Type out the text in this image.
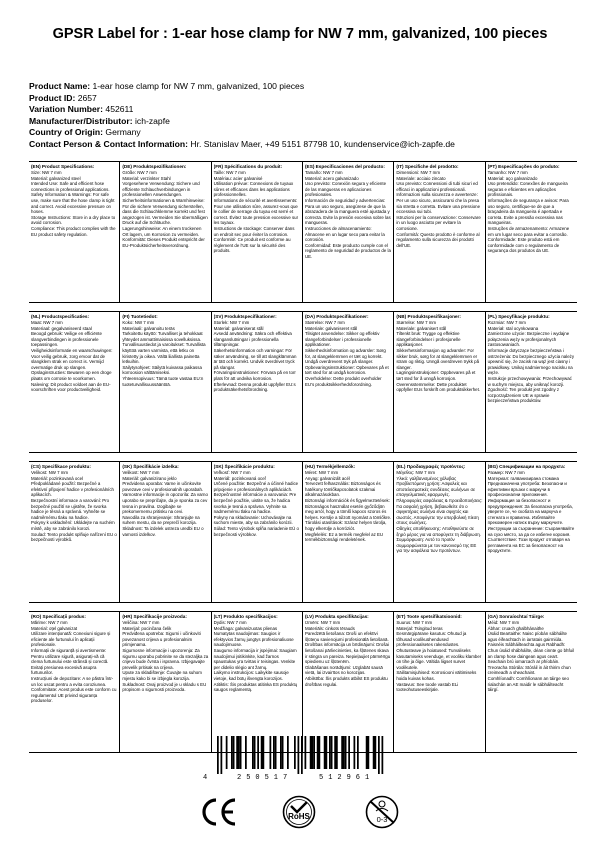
GPSR Label for : 1-ear hose clamp for NW 7 mm, galvanized, 100 pieces
Product Name: 1-ear hose clamp for NW 7 mm, galvanized, 100 pieces
Product ID: 2657
Variation Number: 452611
Manufacturer/Distributor: ich-zapfe
Country of Origin: Germany
Contact Person & Contact Information: Hr. Stanislav Maer, +49 5151 87798 10, kundenservice@ich-zapfe.de
(EN) Product Specifications:
Size: NW 7 mm
Material: galvanized steel
Intended Use: Safe and efficient hose connections in professional applications.
Safety Information & Warnings: For safe use, make sure that the hose clamp is tight and correct. Avoid excessive pressure on hoses.
Storage Instructions: Store in a dry place to avoid corrosion.
Compliance: This product complies with the EU product safety regulation.
(DE) Produktspezifikationen:
Größe: NW 7 mm
Material: verzinkter Stahl
Vorgesehene Verwendung: Sichere und effiziente Schlauchverbindungen in professionellen Anwendungen.
Sicherheitsinformationen & Warnhinweise: Für die sichere Verwendung sicherstellen, dass die Schlauchklemme korrekt und fest angezogen ist. Vermeiden Sie übermäßigen Druck auf die Schläuche.
Lagerungshinweise: An einem trockenen Ort lagern, um Korrosion zu vermeiden.
Konformität: Dieses Produkt entspricht der EU-Produktsicherheitsverordnung.
(FR) Spécifications du produit:
Taille: NW 7 mm
Matériau: acier galvanisé
Utilisation prévue: Connexions de tuyaux sûres et efficaces dans les applications professionnelles.
Informations de sécurité et avertissements: Pour une utilisation sûre, assurez-vous que le collier de serrage du tuyau est serré et correct. Évitez toute pression excessive sur les tuyaux.
Instructions de stockage: Conserver dans un endroit sec pour éviter la corrosion.
Conformité: Ce produit est conforme au règlement de l'UE sur la sécurité des produits.
(ES) Especificaciones del producto:
Tamaño: NW 7 mm
Material: acero galvanizado
Uso previsto: Conexión segura y eficiente de las mangueras en aplicaciones profesionales.
Información de seguridad y advertencias: Para un uso seguro, asegúrese de que la abrazadera de la manguera esté ajustada y correcta. Evite la presión excesiva sobre las mangueras.
Instrucciones de almacenamiento: Almacene en un lugar seco para evitar la corrosión.
Conformidad: Este producto cumple con el reglamento de seguridad de productos de la UE.
(IT) Specifiche del prodotto:
Dimensioni: NW 7 mm
Materiale: acciaio zincato
Uso previsto: Connessioni di tubi sicuri ed efficaci in applicazioni professionali.
Informazioni sulla sicurezza e avvertenze: Per un uso sicuro, assicurarsi che la presa sia stretta e corretta. Evitare una pressione eccessiva sui tubi.
Istruzioni per la conservazione: Conservare in un luogo asciutto per evitare la corrosione.
Conformità: Questo prodotto è conforme al regolamento sulla sicurezza dei prodotti dell'UE.
(PT) Especificações do produto:
Tamanho: NW 7 mm
Material: aço galvanizado
Uso pretendido: Conexões de mangueira seguras e eficientes em aplicações profissionais.
Informações de segurança e avisos: Para uso seguro, certifique-se de que a braçadeira da mangueira é apertada e correta. Evite a pressão excessiva nas mangueiras.
Instruções de armazenamento: Armazene em um lugar seco para evitar a corrosão.
Conformidade: Este produto está em conformidade com o regulamento de segurança dos produtos da UE.
(NL) Productspecificaties:
Maat: NW 7 mm
Materiaal: gegalvaniseerd staal
Beoogd gebruik: Veilige en efficiënte slangverbindingen in professionele toepassingen.
Veiligheidsinformatie en waarschuwingen: Voor veilig gebruik, zorg ervoor dat de slangklem strak en correct is. Vermijd overmatige druk op slangen.
Opslaginstructies: Bewaren op een droge plaats om corrosie te voorkomen.
Naleving: Dit product voldoet aan de EU-voorschriften voor productveiligheid.
(FI) Tuotetiedot:
Koko: NW 7 mm
Materiaali: galvanoitu teräs
Tarkoitettu käyttö: Turvalliset ja tehokkaat yhteydet ammattimaisissa sovelluksissa.
Turvallisuustiedot ja varoitukset: Turvallista käyttöä varten varmista, että letku on kiristetty ja oikea. Vältä liiallista painetta letkuihin.
Säilytysohjeet: Säilytä kuivassa paikassa korroosion välttämiseksi.
Yhteensopivuus: Tämä tuote vastaa EU:n tuoteturvallisuussääntöä.
(SV) Produktspecifikationer:
Storlek: NW 7 mm
Material: galvaniserat stål
Avsedd användning: Säkra och effektiva slanganslutningar i professionella tillämpningar.
Säkerhetsinformation och varningar: För säker användning, se till att slangklämman är tätt och korrekt. Undvik överdrivet tryck på slangar.
Förvaringsinstruktioner: Förvara på en torr plats för att undvika korrosion.
Efterlevnad: Denna produkt uppfyller EU:s produktsäkerhetsförordning.
(DA) Produktspecifikationer:
Størrelse: NW 7 mm
Materiale: galvaniseret stål
Tilsigtet anvendelse: Sikker og effektiv slangeforbindelser i professionelle applikationer.
Sikkerhedsinformation og advarsler: Sørg for, at slangeklemmen er tæt og korrekt. Undgå overdrevent tryk på slanger.
Opbevaringsinstruktioner: Opbevares på et tørt sted for at undgå korrosion.
Overholdelse: Dette produkt overholder EU's produktsikkerhedsforordning.
(NB) Produktspesifikasjoner:
Størrelse: NW 7 mm
Materiale: galvanisert stål
Tiltenkt bruk: Trygge og effektive slangeforbindelser i profesjonelle applikasjoner.
Sikkerhetsinformasjon og advarsler: For sikker bruk, sørg for at slangeklemmen er stram og riktig. Unngå overdreven trykk på slanger.
Lagringsinstruksjoner: Oppbevares på et tørt sted for å unngå korrosjon.
Overensstemmelse: Dette produktet oppfyller EUs forskrift om produktsikkerhet.
(PL) Specyfikacje produktu:
Rozmiar: NW 7 mm
Materiał: stal ocynkowana
Zamierzone użycie: Bezpieczne i wydajne połączenia węży w profesjonalnych zastosowaniach.
Informacje dotyczące bezpieczeństwa i ostrzeżenia: Do bezpiecznego użycia należy upewnić się, że zacisk na wąż jest ciasny i prawidłowy. Unikaj nadmiernego nacisku na węże.
Instrukcje przechowywania: Przechowywać w suchym miejscu, aby uniknąć korozji.
Zgodność: Ten produkt jest zgodny z rozporządzeniem UE w sprawie bezpieczeństwa produktów.
(CS) Specifikace produktu:
Velikost: NW 7 mm
Materiál: pozinkovaná ocel
Předpokládané použití: Bezpečné a efektivní připojení hadice v profesionálních aplikacích.
Bezpečnostní informace a varování: Pro bezpečné použití se ujistěte, že svorka hadice je těsná a správná. Vyhněte se nadměrnému tlaku na hadice.
Pokyny k uskladnění: Ukládejte na suchém místě, aby se zabránilo korozi.
Soulad: Tento produkt splňuje nařízení EU o bezpečnosti výrobků.
(SK) Špecifikácie izdelka:
Velikost: NW 7 mm
Materiál: galvanizirano jeklo
Predvidena uporaba: Varne in učinkovite povezave cevi v profesionalnih uporabah.
Varnostne informacije in opozorila: Za varno uporabo se prepričajte, da je sponka za cev tesna in pravilna. Izogibajte se prekomernemu pritisku na cevi.
Navodila za shranjevanje: Shranjujte na suhem mestu, da se preprečí korozija.
Skladnost: Ta izdelek ustreza uredbi EU o varnosti izdelkov.
(SK) Špecifikácie produktu:
Veľkosť: NW 7 mm
Materiál: pozinkovaná oceľ
Určené použitie: Bezpečné a účinné hadice pripojenie v profesionálnych aplikáciách.
Bezpečnostné informácie a varovania: Pre bezpečné použitie, uistite sa, že hadica svorka je tesná a správna. Vyhnite sa nadmernému tlaku na hadice.
Pokyny na skladovanie: Uchovávajte na suchom mieste, aby sa zabránilo korózii.
Súlad: Tento výrobok spĺňa nariadenie EÚ o bezpečnosti výrobkov.
(HU) Termékjellemzők:
Méret: NW 7 mm
Anyag: galvanizált acél
Tervezett felhasználás: Biztonságos és hatékony tömlőkapcsolatok szakmai alkalmazásokban.
Biztonsági információk és figyelmeztetések: Biztonságos használat esetén győződjön meg arról, hogy a tömlő kapocs szoros és helyes. Kerülje a túlzott nyomást a tömlőkre.
Tárolási utasítások: Száraz helyen tárolja, hogy elkerülje a korróziót.
Megfelelés: Ez a termék megfelel az EU termékbiztonsági rendeletének.
(EL) Προδιαγραφές προϊόντος:
Μέγεθος: NW 7 mm
Υλικό: γαλβανισμένος χάλυβας
Προβλεπόμενη χρήση: Ασφαλείς και αποτελεσματικές συνδέσεις σωλήνων σε επαγγελματικές εφαρμογές.
Πληροφορίες ασφάλειας & προειδοποιήσεις: Για ασφαλή χρήση, βεβαιωθείτε ότι ο σφιγκτήρας σωλήνα είναι σφιχτός και σωστός. Αποφύγετε την υπερβολική πίεση στους σωλήνες.
Οδηγίες αποθήκευσης: Αποθηκεύστε σε ξηρό μέρος για να αποφύγετε τη διάβρωση.
Συμμόρφωση: Αυτό το προϊόν συμμορφώνεται με τον κανονισμό της ΕΕ για την ασφάλεια των προϊόντων.
(BG) Спецификации на продукта:
Размер: NW 7 mm
Материал: галванизирана стомана
Предназначена употреба: Безопасни и ефективни връзки с маркучи в професионални приложения.
Информация за безопасност и предупреждения: За безопасна употреба, уверете се, че скобата на маркуча е стегната и правилна. Избягвайте прекомерен натиск върху маркучите.
Инструкции за съхранение: Съхранявайте на сухо място, за да се избегне корозия.
Съответствие: Този продукт отговаря на регламента на ЕС за безопасност на продуктите.
(RO) Specificații produs:
Mărime: NW 7 mm
Material: oțel galvanizat
Utilizare intenționată: Conexiuni sigure și eficiente ale furtunului în aplicații profesionale.
Informații de siguranță și avertismente: Pentru utilizare sigură, asigurați-vă că clema furtunului este strânsă și corectă. Evitați presiunea excesivă asupra furtunurilor.
Instrucțiuni de depozitare: A se păstra într-un loc uscat pentru a evita coroziunea.
Conformitate: Acest produs este conform cu regulamentul UE privind siguranța produselor.
(HR) Specifikacije proizvoda:
Veličina: NW 7 mm
Materijal: pocinčana čelik
Predviđena upotreba: Sigurni i učinkoviti povezanost crijeva u profesionalnim primjenama.
Sigurnosne informacije i upozorenja: Za sigurnu uporabu pobrinite se da stezaljka za crijevo bude čvrsta i ispravna. Izbjegavajte prevelik pritisak na crijeva.
Upute za skladištenje: Čuvajte na suhom mjestu kako bi se izbjegla korozija.
Sukladnost: Ovaj proizvod je u skladu s EU propisom o sigurnosti proizvoda.
(LT) Produkto specifikacijos:
Dydis: NW 7 mm
Medžiaga: galvanizuotas plienas
Numatytas naudojimas: Saugios ir efektyvios žarnų jungtys profesionaliuose naudojimuose.
Saugumo informacija ir įspėjimai: Saugiam naudojimui įsitikinkite, kad žarnos spaustukas yra tvirtas ir teisingas. Venkite per didelio slėgio ant žarnų.
Laikymo instrukcijos: Laikykite sausoje vietoje, kad būtų išvengta korozijos.
Atitiktis: Šis produktas atitinka ES produktų saugos reglamentą.
(LV) Produkta specifikācijas:
Izmērs: NW 7 mm
Materiāls: cinkots tērauds
Paredzētā lietošana: Droši un efektīvi šļūteņu savienojumi profesionālā lietošanā.
Drošības informācija un brīdinājumi: Drošai lietošanai pārliecinieties, ka šļūtenes skava ir stingra un pareiza. Nepieļaujiet pārmērīgu spiedienu uz šļūtenēm.
Glabāšanas norādījumi: Uzglabāt sausā vietā, lai izvairītos no korozijas.
Atbilstība: Šis produkts atbilst ES produktu drošības regulai.
(ET) Toote spetsifikatsioonid:
Suurus: NW 7 mm
Materjal: Tsingitud teras
Eesmärgipärane kasutus: Ohutud ja tõhusad voolikuühendused professionaalsetes rakendustes.
Ohutusteave ja hoiatused: Turvaliseks kasutamiseks veenduge, et vooliku klamber on tihe ja õige. Vältida liigset survet voolikutele.
Säilitamisjuhised: Korrosiooni vältimiseks hoida kuivas kohas.
Vastavus: See toode vastab ELi tooteohutuseeskirjale.
(GA) Sonraíochtaí Táirge:
Méid: NW 7 mm
Ábhar: cruach ghalbhánaithe
Úsáid Beartaithe: Naisc píobán sábháilte agus éifeachtach in iarratais gairmiúla.
Faisnéis Sábháilteachta agus Rabhadh: Chun úsáid shábháilte, déan cinnte go bhfuil an clamp hose daingean agus ceart. Seachain brú iomarcach ar phíobáin.
Treoracha Stórála: Stóráil in áit thirim chun creimeadh a sheachaint.
Comhlíonadh: Comhlíonann an táirge seo rialachán an AE maidir le sábháilteacht táirgí.
4	250517	512961
RoHS	0-3
